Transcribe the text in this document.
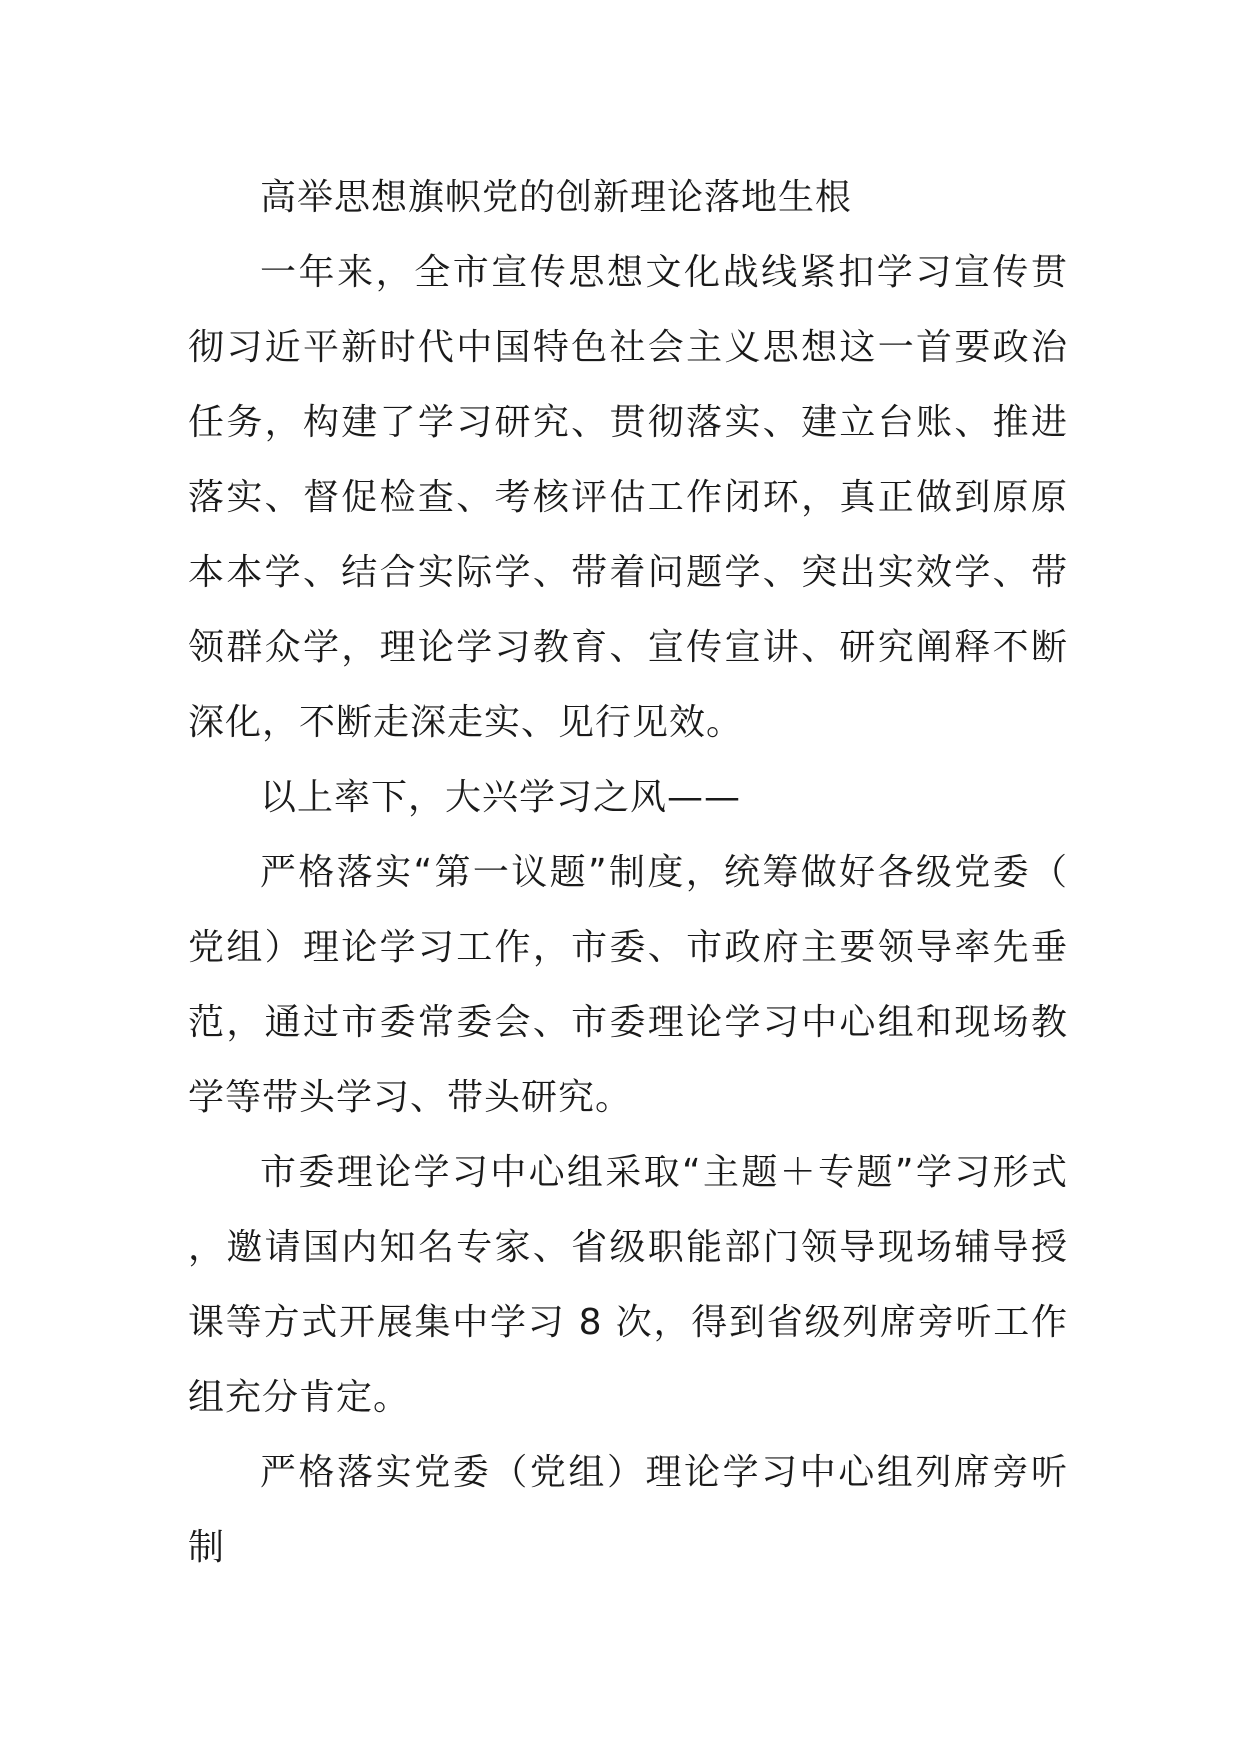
高举思想旗帜党的创新理论落地生根

一年来，全市宣传思想文化战线紧扣学习宣传贯彻习近平新时代中国特色社会主义思想这一首要政治任务，构建了学习研究、贯彻落实、建立台账、推进落实、督促检查、考核评估工作闭环，真正做到原原本本学、结合实际学、带着问题学、突出实效学、带领群众学，理论学习教育、宣传宣讲、研究阐释不断深化，不断走深走实、见行见效。

以上率下，大兴学习之风——

严格落实“第一议题”制度，统筹做好各级党委（党组）理论学习工作，市委、市政府主要领导率先垂范，通过市委常委会、市委理论学习中心组和现场教学等带头学习、带头研究。

市委理论学习中心组采取“主题＋专题”学习形式，邀请国内知名专家、省级职能部门领导现场辅导授课等方式开展集中学习 8 次，得到省级列席旁听工作组充分肯定。

严格落实党委（党组）理论学习中心组列席旁听制
